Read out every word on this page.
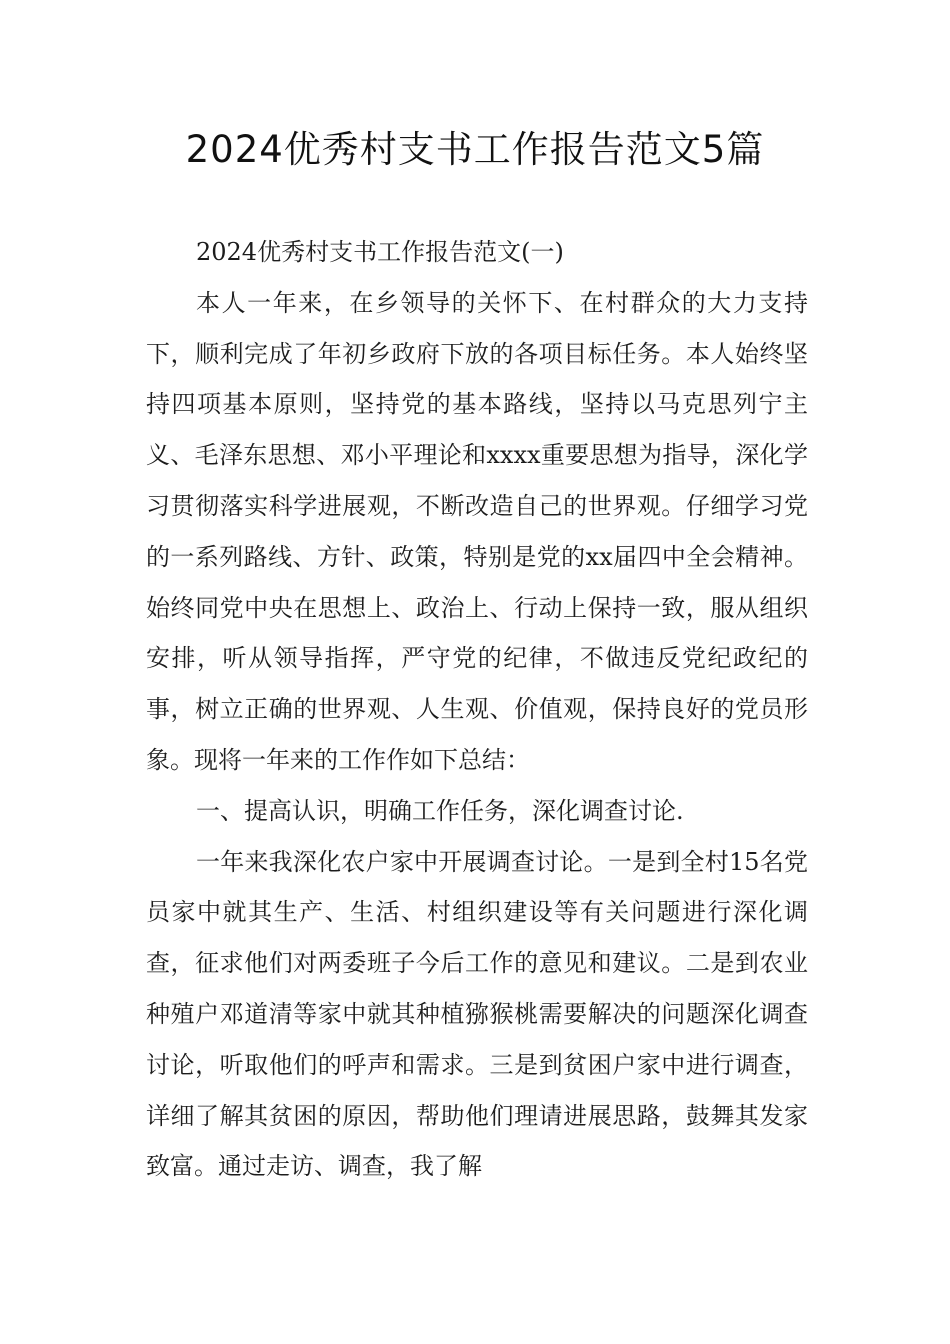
2024优秀村支书工作报告范文5篇

2024优秀村支书工作报告范文(一)

本人一年来，在乡领导的关怀下、在村群众的大力支持下，顺利完成了年初乡政府下放的各项目标任务。本人始终坚持四项基本原则，坚持党的基本路线，坚持以马克思列宁主义、毛泽东思想、邓小平理论和xxxx重要思想为指导，深化学习贯彻落实科学进展观，不断改造自己的世界观。仔细学习党的一系列路线、方针、政策，特别是党的xx届四中全会精神。始终同党中央在思想上、政治上、行动上保持一致，服从组织安排，听从领导指挥，严守党的纪律，不做违反党纪政纪的事，树立正确的世界观、人生观、价值观，保持良好的党员形象。现将一年来的工作作如下总结：

一、提高认识，明确工作任务，深化调查讨论.

一年来我深化农户家中开展调查讨论。一是到全村15名党员家中就其生产、生活、村组织建设等有关问题进行深化调查，征求他们对两委班子今后工作的意见和建议。二是到农业种殖户邓道清等家中就其种植猕猴桃需要解决的问题深化调查讨论，听取他们的呼声和需求。三是到贫困户家中进行调查，详细了解其贫困的原因，帮助他们理请进展思路，鼓舞其发家致富。通过走访、调查，我了解
